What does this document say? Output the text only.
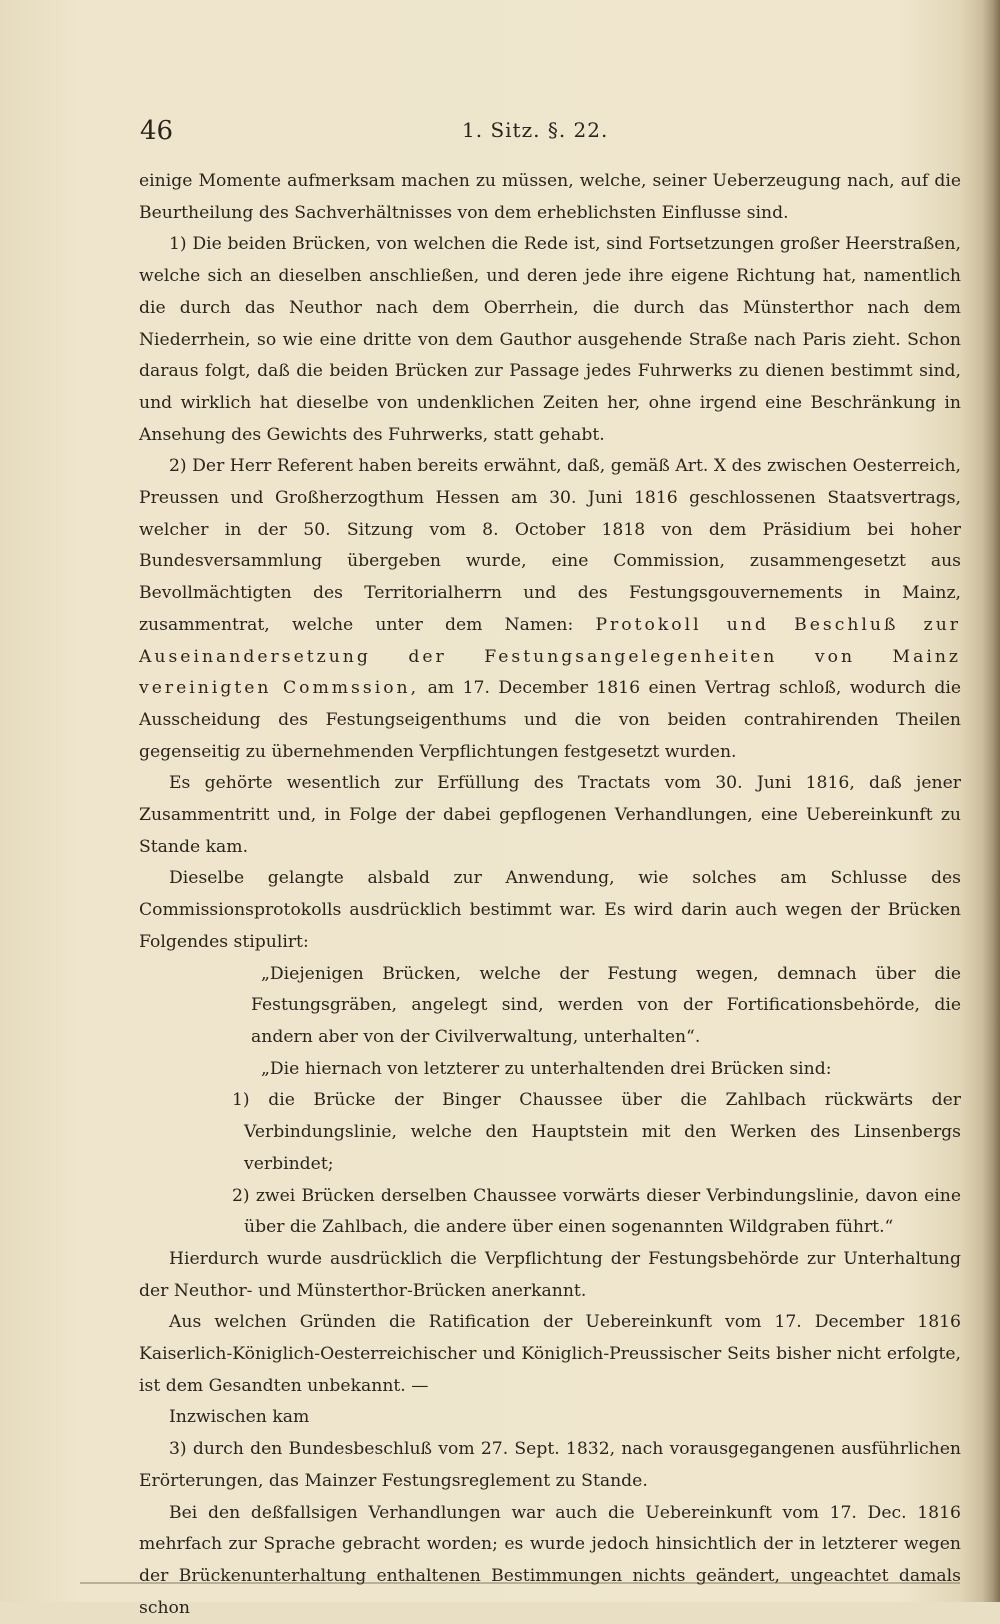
46	1. Sitz. §. 22.

einige Momente aufmerksam machen zu müssen, welche, seiner Ueberzeugung nach, auf die Beurtheilung des Sachverhältnisses von dem erheblichsten Einflusse sind.

1) Die beiden Brücken, von welchen die Rede ist, sind Fortsetzungen großer Heerstraßen, welche sich an dieselben anschließen, und deren jede ihre eigene Richtung hat, namentlich die durch das Neuthor nach dem Oberrhein, die durch das Münsterthor nach dem Niederrhein, so wie eine dritte von dem Gauthor ausgehende Straße nach Paris zieht. Schon daraus folgt, daß die beiden Brücken zur Passage jedes Fuhrwerks zu dienen bestimmt sind, und wirklich hat dieselbe von undenklichen Zeiten her, ohne irgend eine Beschränkung in Ansehung des Gewichts des Fuhrwerks, statt gehabt.

2) Der Herr Referent haben bereits erwähnt, daß, gemäß Art. X des zwischen Oesterreich, Preussen und Großherzogthum Hessen am 30. Juni 1816 geschlossenen Staatsvertrags, welcher in der 50. Sitzung vom 8. October 1818 von dem Präsidium bei hoher Bundesversammlung übergeben wurde, eine Commission, zusammengesetzt aus Bevollmächtigten des Territorialherrn und des Festungsgouvernements in Mainz, zusammentrat, welche unter dem Namen: Protokoll und Beschluß zur Auseinandersetzung der Festungsangelegenheiten von Mainz vereinigten Commssion, am 17. December 1816 einen Vertrag schloß, wodurch die Ausscheidung des Festungseigenthums und die von beiden contrahirenden Theilen gegenseitig zu übernehmenden Verpflichtungen festgesetzt wurden.

Es gehörte wesentlich zur Erfüllung des Tractats vom 30. Juni 1816, daß jener Zusammentritt und, in Folge der dabei gepflogenen Verhandlungen, eine Uebereinkunft zu Stande kam.

Dieselbe gelangte alsbald zur Anwendung, wie solches am Schlusse des Commissionsprotokolls ausdrücklich bestimmt war. Es wird darin auch wegen der Brücken Folgendes stipulirt:

„Diejenigen Brücken, welche der Festung wegen, demnach über die Festungsgräben, angelegt sind, werden von der Fortificationsbehörde, die andern aber von der Civilverwaltung, unterhalten“.

„Die hiernach von letzterer zu unterhaltenden drei Brücken sind:

1) die Brücke der Binger Chaussee über die Zahlbach rückwärts der Verbindungslinie, welche den Hauptstein mit den Werken des Linsenbergs verbindet;

2) zwei Brücken derselben Chaussee vorwärts dieser Verbindungslinie, davon eine über die Zahlbach, die andere über einen sogenannten Wildgraben führt.“

Hierdurch wurde ausdrücklich die Verpflichtung der Festungsbehörde zur Unterhaltung der Neuthor- und Münsterthor-Brücken anerkannt.

Aus welchen Gründen die Ratification der Uebereinkunft vom 17. December 1816 Kaiserlich-Königlich-Oesterreichischer und Königlich-Preussischer Seits bisher nicht erfolgte, ist dem Gesandten unbekannt. —

Inzwischen kam

3) durch den Bundesbeschluß vom 27. Sept. 1832, nach vorausgegangenen ausführlichen Erörterungen, das Mainzer Festungsreglement zu Stande.

Bei den deßfallsigen Verhandlungen war auch die Uebereinkunft vom 17. Dec. 1816 mehrfach zur Sprache gebracht worden; es wurde jedoch hinsichtlich der in letzterer wegen der Brückenunterhaltung enthaltenen Bestimmungen nichts geändert, ungeachtet damals schon
